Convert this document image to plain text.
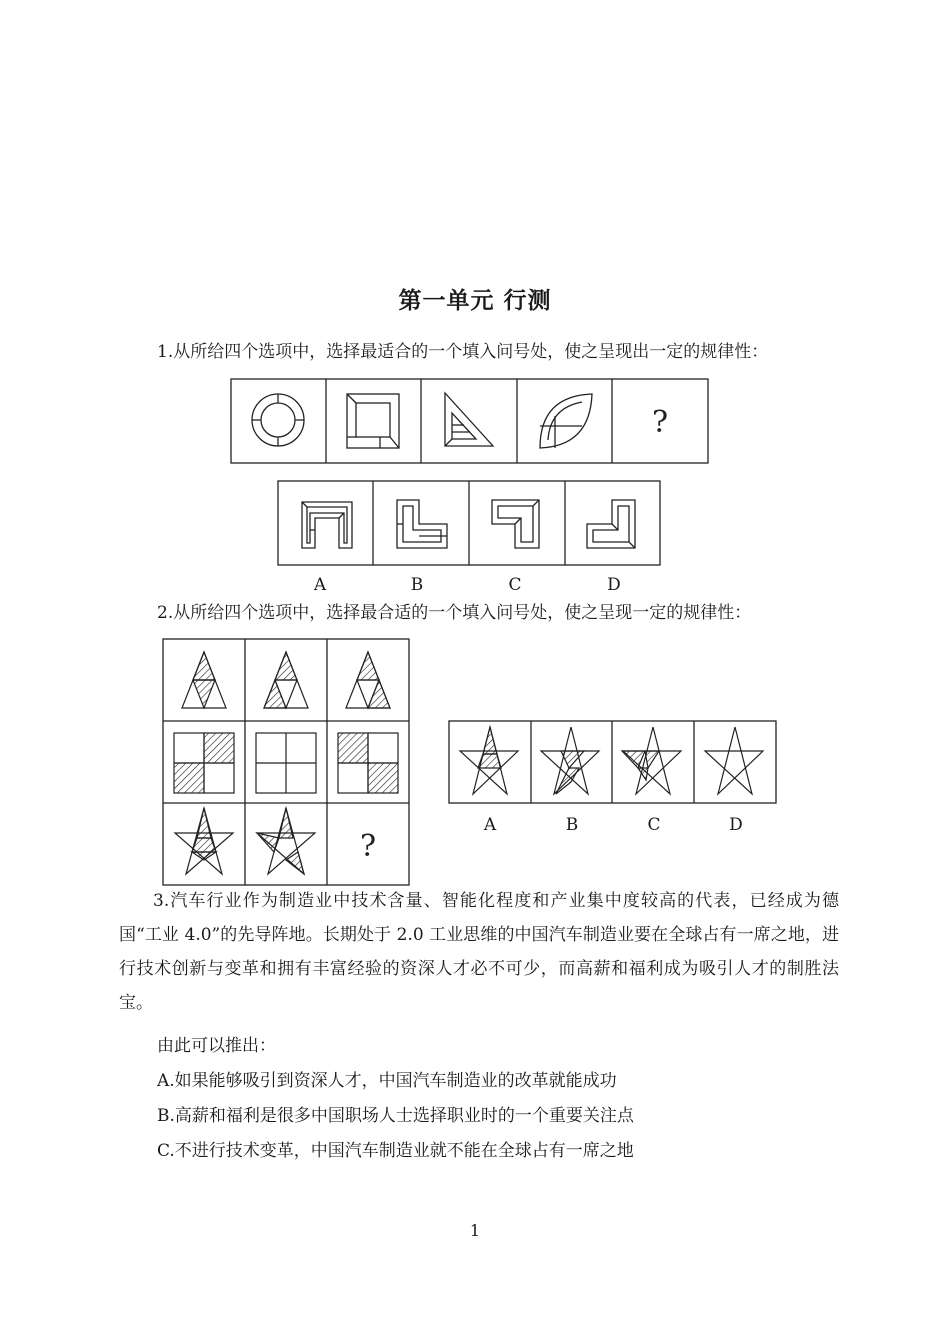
第一单元 行测
1.从所给四个选项中，选择最适合的一个填入问号处，使之呈现出一定的规律性：
?
A	B	C	D
2.从所给四个选项中，选择最合适的一个填入问号处，使之呈现一定的规律性：
?
A	B	C	D

3.汽车行业作为制造业中技术含量、智能化程度和产业集中度较高的代表，已经成为德国“工业 4.0”的先导阵地。长期处于 2.0 工业思维的中国汽车制造业要在全球占有一席之地，进行技术创新与变革和拥有丰富经验的资深人才必不可少，而高薪和福利成为吸引人才的制胜法宝。

由此可以推出：
A.如果能够吸引到资深人才，中国汽车制造业的改革就能成功
B.高薪和福利是很多中国职场人士选择职业时的一个重要关注点
C.不进行技术变革，中国汽车制造业就不能在全球占有一席之地
1
